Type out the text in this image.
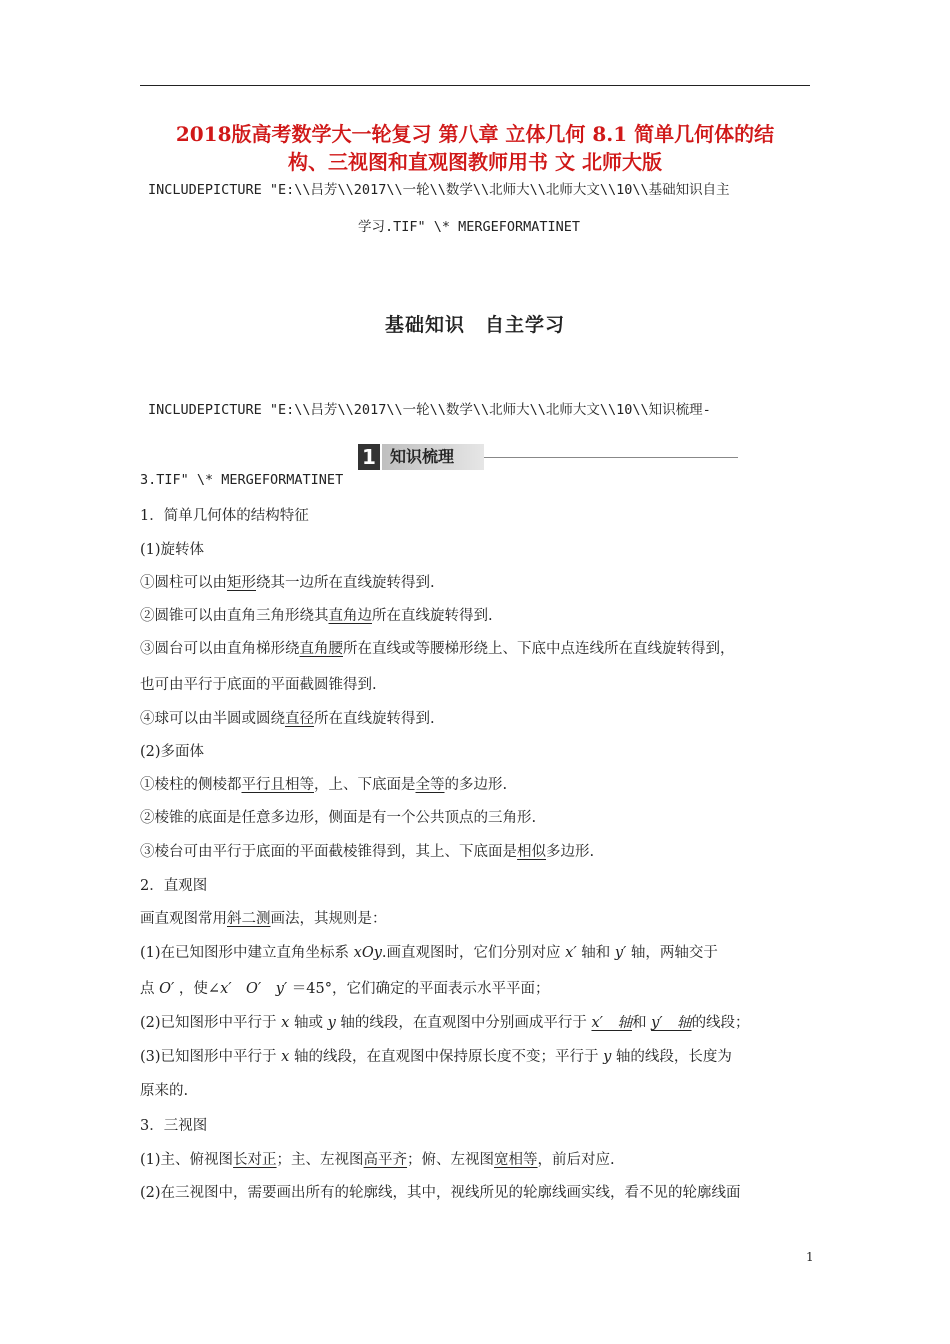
2018版高考数学大一轮复习 第八章 立体几何 8.1 简单几何体的结
构、三视图和直观图教师用书 文 北师大版
INCLUDEPICTURE "E:\\吕芳\\2017\\一轮\\数学\\北师大\\北师大文\\10\\基础知识自主
学习.TIF" \* MERGEFORMATINET
基础知识　自主学习
INCLUDEPICTURE "E:\\吕芳\\2017\\一轮\\数学\\北师大\\北师大文\\10\\知识梳理-
1 知识梳理
3.TIF" \* MERGEFORMATINET
1．简单几何体的结构特征
(1)旋转体
①圆柱可以由矩形绕其一边所在直线旋转得到.
②圆锥可以由直角三角形绕其直角边所在直线旋转得到.
③圆台可以由直角梯形绕直角腰所在直线或等腰梯形绕上、下底中点连线所在直线旋转得到，
也可由平行于底面的平面截圆锥得到.
④球可以由半圆或圆绕直径所在直线旋转得到.
(2)多面体
①棱柱的侧棱都平行且相等，上、下底面是全等的多边形.
②棱锥的底面是任意多边形，侧面是有一个公共顶点的三角形.
③棱台可由平行于底面的平面截棱锥得到，其上、下底面是相似多边形.
2．直观图
画直观图常用斜二测画法，其规则是：
(1)在已知图形中建立直角坐标系 xOy.画直观图时，它们分别对应 x′ 轴和 y′ 轴，两轴交于
点 O′ ，使∠x′　O′　y′ ＝45°，它们确定的平面表示水平平面；
(2)已知图形中平行于 x 轴或 y 轴的线段，在直观图中分别画成平行于 x′　轴和 y′　轴的线段；
(3)已知图形中平行于 x 轴的线段，在直观图中保持原长度不变；平行于 y 轴的线段，长度为
原来的.
3．三视图
(1)主、俯视图长对正；主、左视图高平齐；俯、左视图宽相等，前后对应.
(2)在三视图中，需要画出所有的轮廓线，其中，视线所见的轮廓线画实线，看不见的轮廓线面
1
